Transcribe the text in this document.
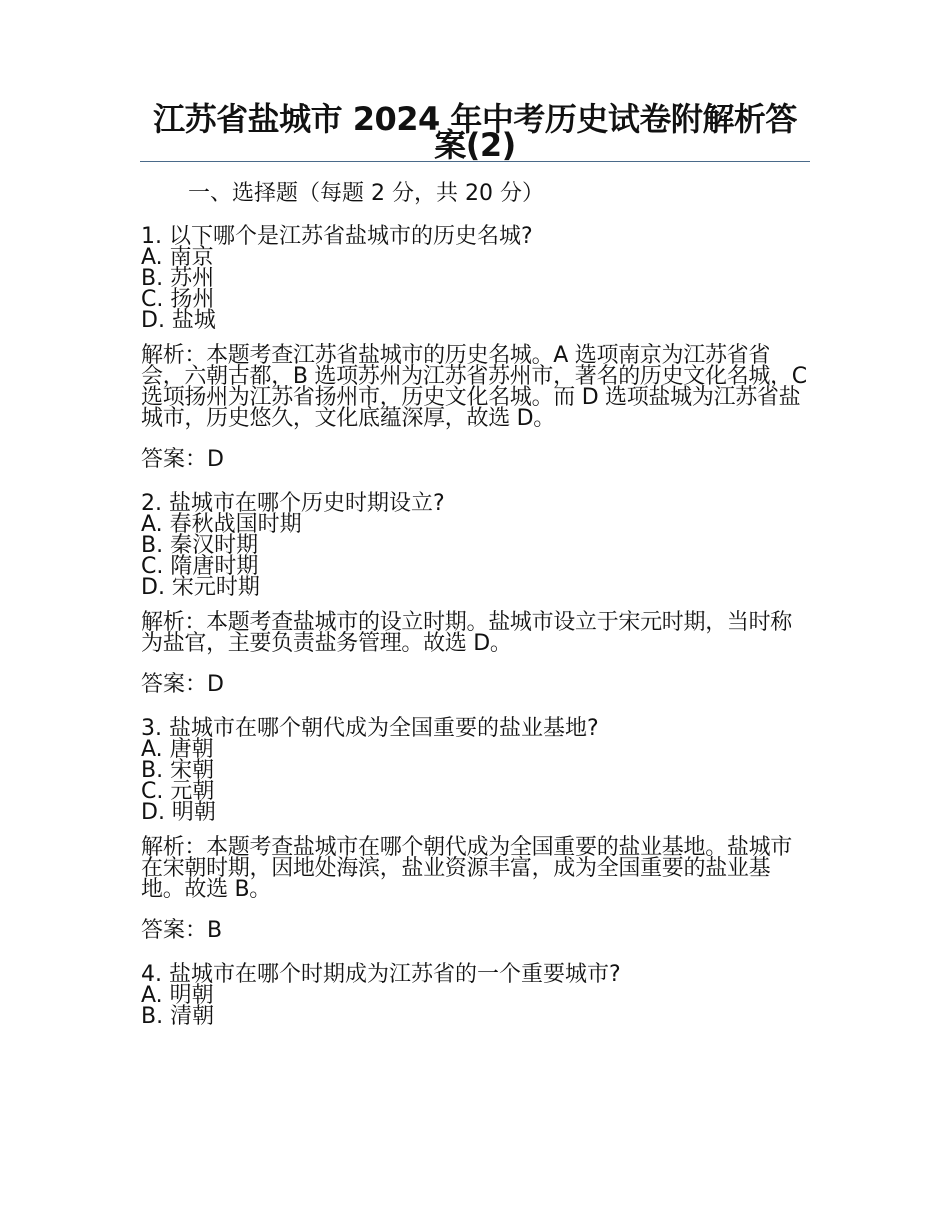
江苏省盐城市 2024 年中考历史试卷附解析答案(2)
一、选择题（每题 2 分，共 20 分）
1. 以下哪个是江苏省盐城市的历史名城?
A. 南京
B. 苏州
C. 扬州
D. 盐城
解析：本题考查江苏省盐城市的历史名城。A 选项南京为江苏省省会，六朝古都，B 选项苏州为江苏省苏州市，著名的历史文化名城，C 选项扬州为江苏省扬州市，历史文化名城。而 D 选项盐城为江苏省盐城市，历史悠久，文化底蕴深厚，故选 D。
答案：D
2. 盐城市在哪个历史时期设立?
A. 春秋战国时期
B. 秦汉时期
C. 隋唐时期
D. 宋元时期
解析：本题考查盐城市的设立时期。盐城市设立于宋元时期，当时称为盐官，主要负责盐务管理。故选 D。
答案：D
3. 盐城市在哪个朝代成为全国重要的盐业基地?
A. 唐朝
B. 宋朝
C. 元朝
D. 明朝
解析：本题考查盐城市在哪个朝代成为全国重要的盐业基地。盐城市在宋朝时期，因地处海滨，盐业资源丰富，成为全国重要的盐业基地。故选 B。
答案：B
4. 盐城市在哪个时期成为江苏省的一个重要城市?
A. 明朝
B. 清朝
